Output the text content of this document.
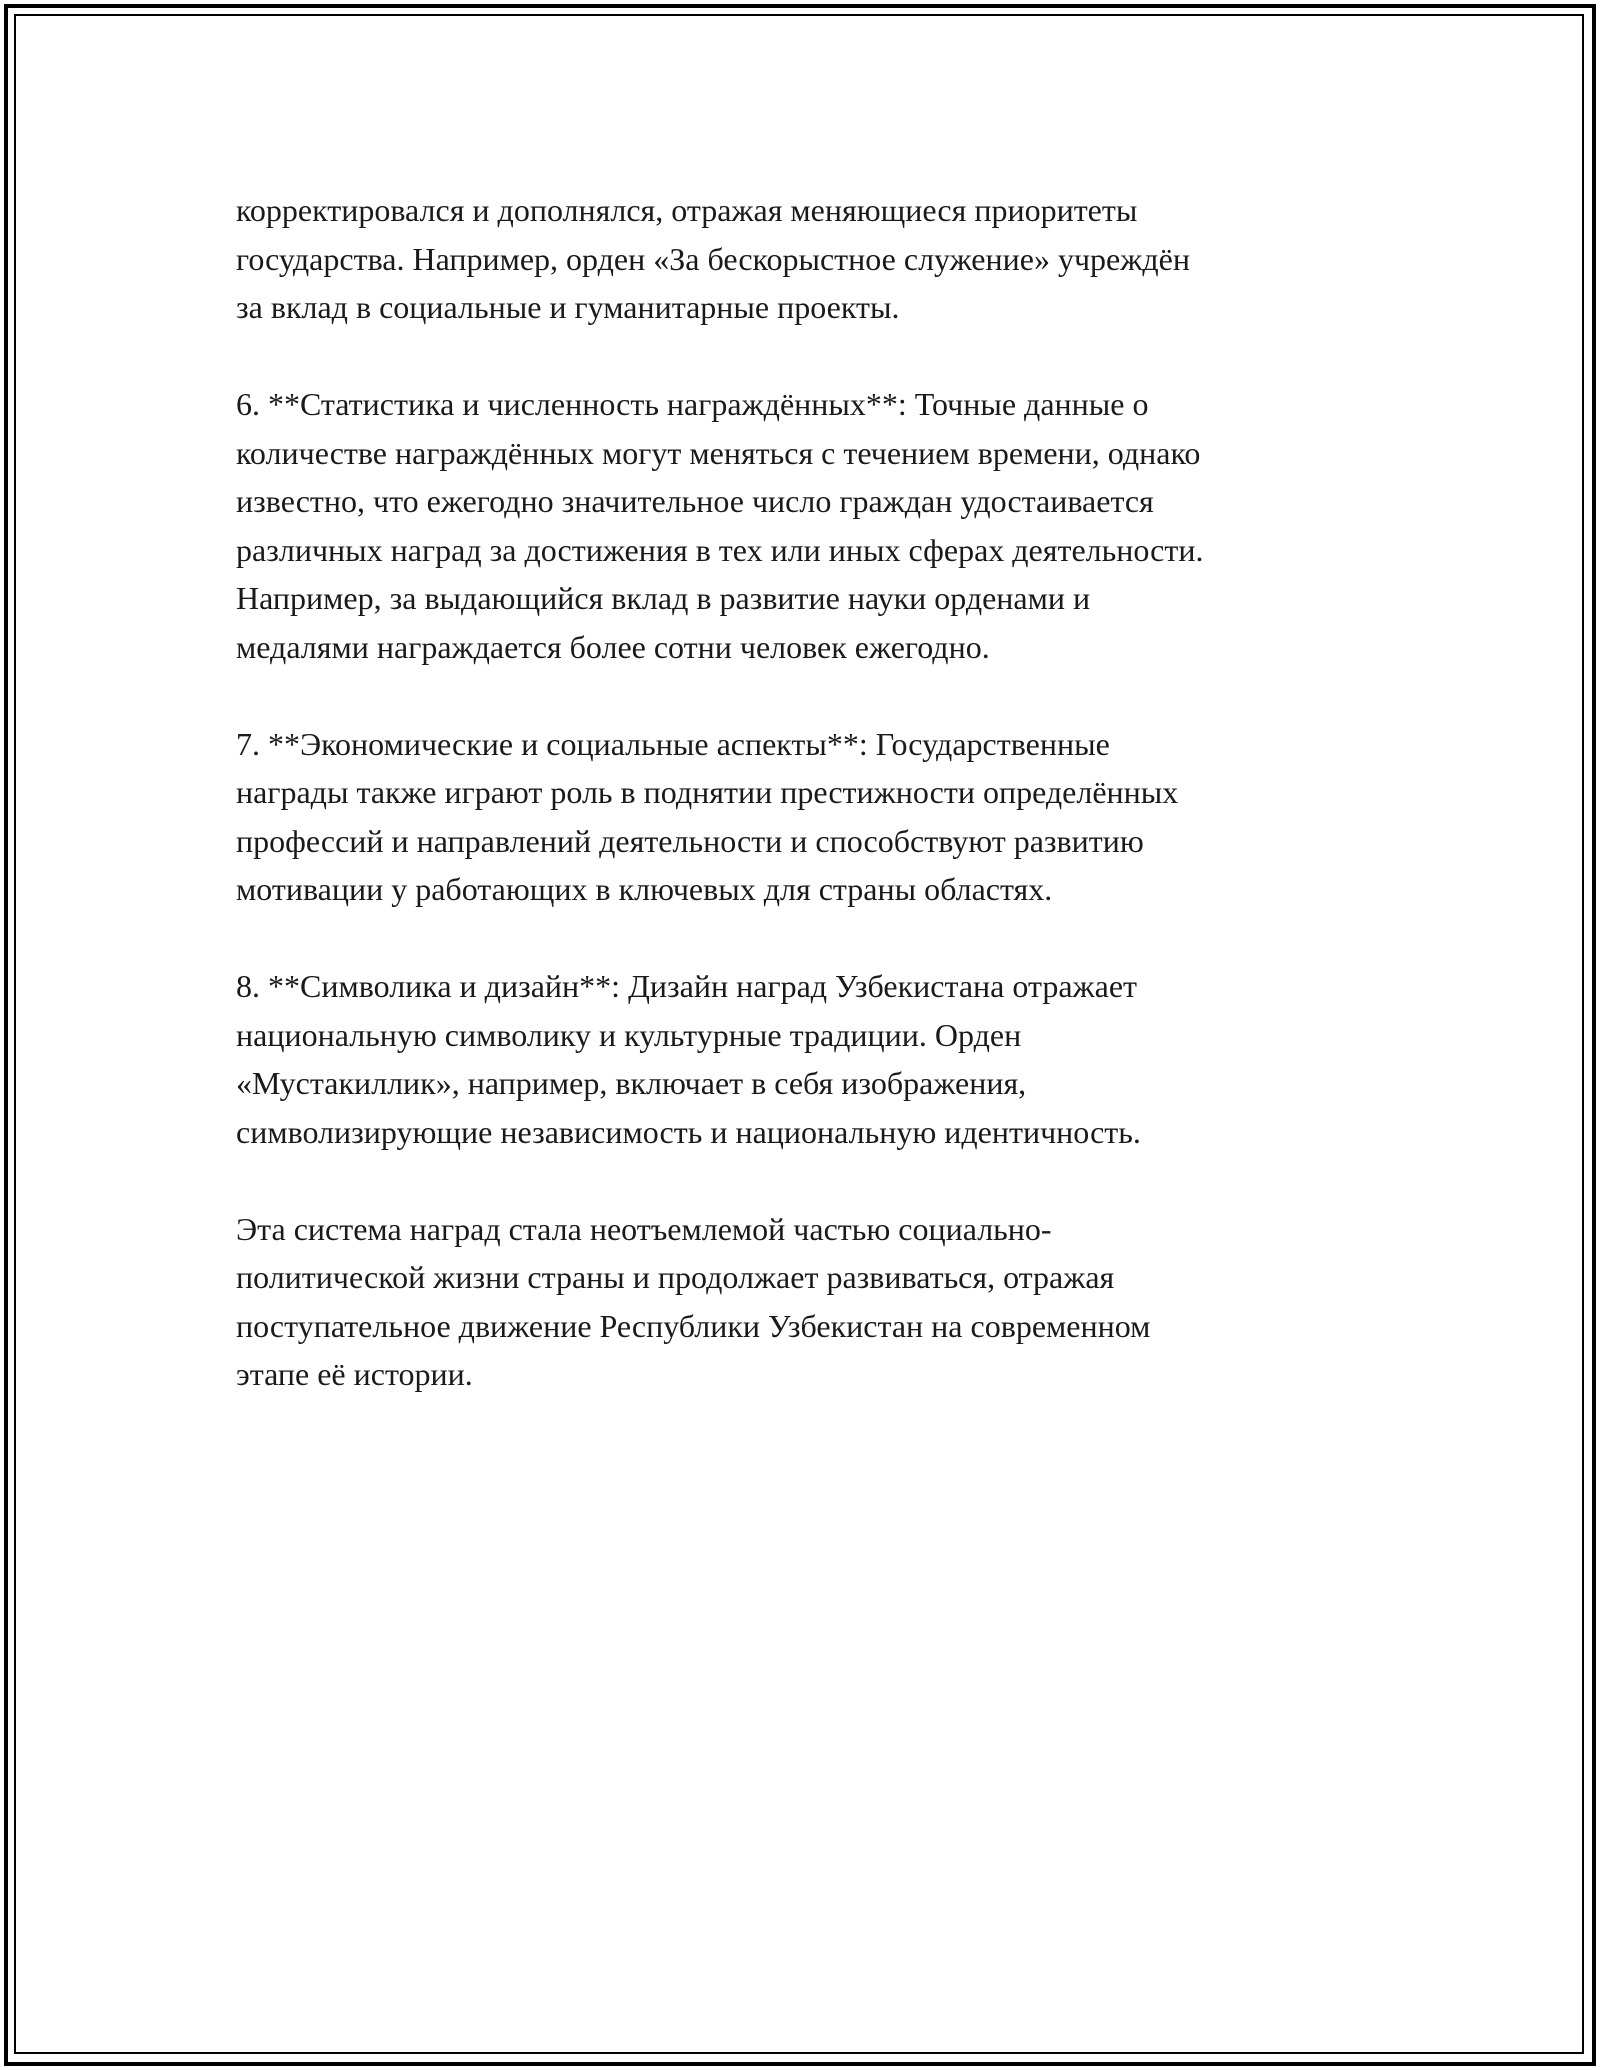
корректировался и дополнялся, отражая меняющиеся приоритеты
государства. Например, орден «За бескорыстное служение» учреждён
за вклад в социальные и гуманитарные проекты.

6. **Статистика и численность награждённых**: Точные данные о
количестве награждённых могут меняться с течением времени, однако
известно, что ежегодно значительное число граждан удостаивается
различных наград за достижения в тех или иных сферах деятельности.
Например, за выдающийся вклад в развитие науки орденами и
медалями награждается более сотни человек ежегодно.

7. **Экономические и социальные аспекты**: Государственные
награды также играют роль в поднятии престижности определённых
профессий и направлений деятельности и способствуют развитию
мотивации у работающих в ключевых для страны областях.

8. **Символика и дизайн**: Дизайн наград Узбекистана отражает
национальную символику и культурные традиции. Орден
«Мустакиллик», например, включает в себя изображения,
символизирующие независимость и национальную идентичность.

Эта система наград стала неотъемлемой частью социально-
политической жизни страны и продолжает развиваться, отражая
поступательное движение Республики Узбекистан на современном
этапе её истории.
